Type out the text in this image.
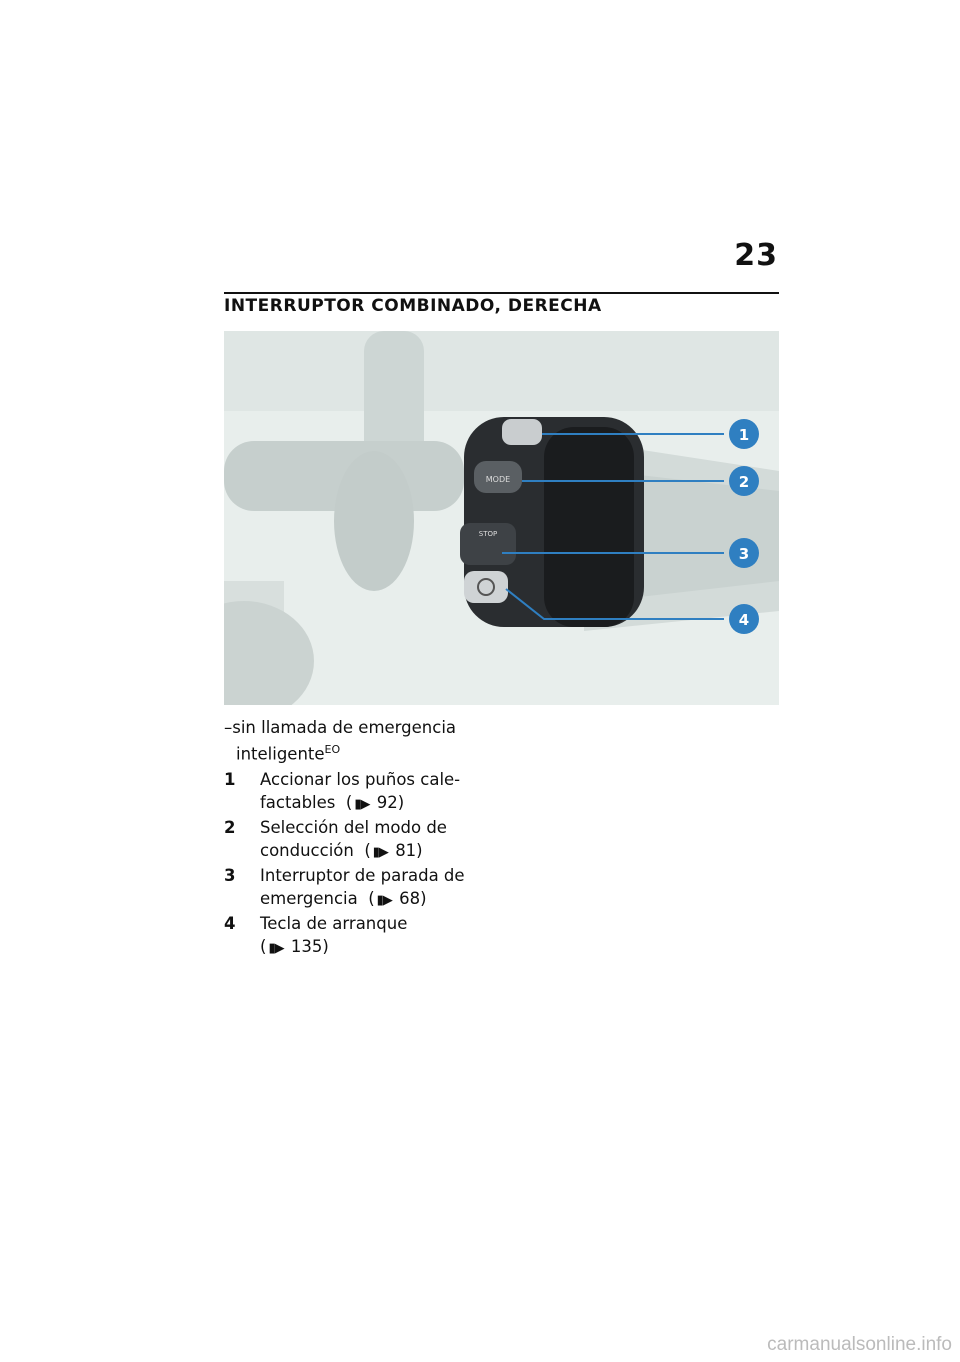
23
INTERRUPTOR COMBINADO, DERECHA
MODE
STOP
1
2
3
4
–sin llamada de emergencia
inteligente$^{EO}$
1	Accionar los puños cale-
factables ( ▮▶ 92)
2	Selección del modo de
conducción ( ▮▶ 81)
3	Interruptor de parada de
emergencia ( ▮▶ 68)
4	Tecla de arranque
( ▮▶ 135)
carmanualsonline.info
